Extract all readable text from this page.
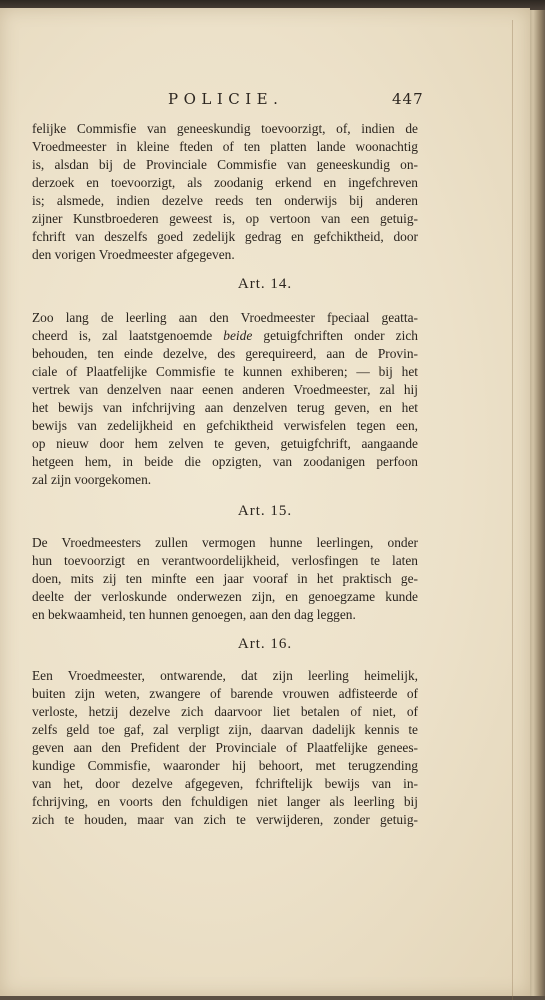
POLICIE.	447
felijke Commisfie van geneeskundig toevoorzigt, of, indien de
Vroedmeester in kleine fteden of ten platten lande woonachtig
is, alsdan bij de Provinciale Commisfie van geneeskundig on-
derzoek en toevoorzigt, als zoodanig erkend en ingefchreven
is; alsmede, indien dezelve reeds ten onderwijs bij anderen
zijner Kunstbroederen geweest is, op vertoon van een getuig-
fchrift van deszelfs goed zedelijk gedrag en gefchiktheid, door
den vorigen Vroedmeester afgegeven.
Art. 14.
Zoo lang de leerling aan den Vroedmeester fpeciaal geatta-
cheerd is, zal laatstgenoemde beide getuigfchriften onder zich
behouden, ten einde dezelve, des gerequireerd, aan de Provin-
ciale of Plaatfelijke Commisfie te kunnen exhiberen; — bij het
vertrek van denzelven naar eenen anderen Vroedmeester, zal hij
het bewijs van infchrijving aan denzelven terug geven, en het
bewijs van zedelijkheid en gefchiktheid verwisfelen tegen een,
op nieuw door hem zelven te geven, getuigfchrift, aangaande
hetgeen hem, in beide die opzigten, van zoodanigen perfoon
zal zijn voorgekomen.
Art. 15.
De Vroedmeesters zullen vermogen hunne leerlingen, onder
hun toevoorzigt en verantwoordelijkheid, verlosfingen te laten
doen, mits zij ten minfte een jaar vooraf in het praktisch ge-
deelte der verloskunde onderwezen zijn, en genoegzame kunde
en bekwaamheid, ten hunnen genoegen, aan den dag leggen.
Art. 16.
Een Vroedmeester, ontwarende, dat zijn leerling heimelijk,
buiten zijn weten, zwangere of barende vrouwen adfisteerde of
verloste, hetzij dezelve zich daarvoor liet betalen of niet, of
zelfs geld toe gaf, zal verpligt zijn, daarvan dadelijk kennis te
geven aan den Prefident der Provinciale of Plaatfelijke genees-
kundige Commisfie, waaronder hij behoort, met terugzending
van het, door dezelve afgegeven, fchriftelijk bewijs van in-
fchrijving, en voorts den fchuldigen niet langer als leerling bij
zich te houden, maar van zich te verwijderen, zonder getuig-
